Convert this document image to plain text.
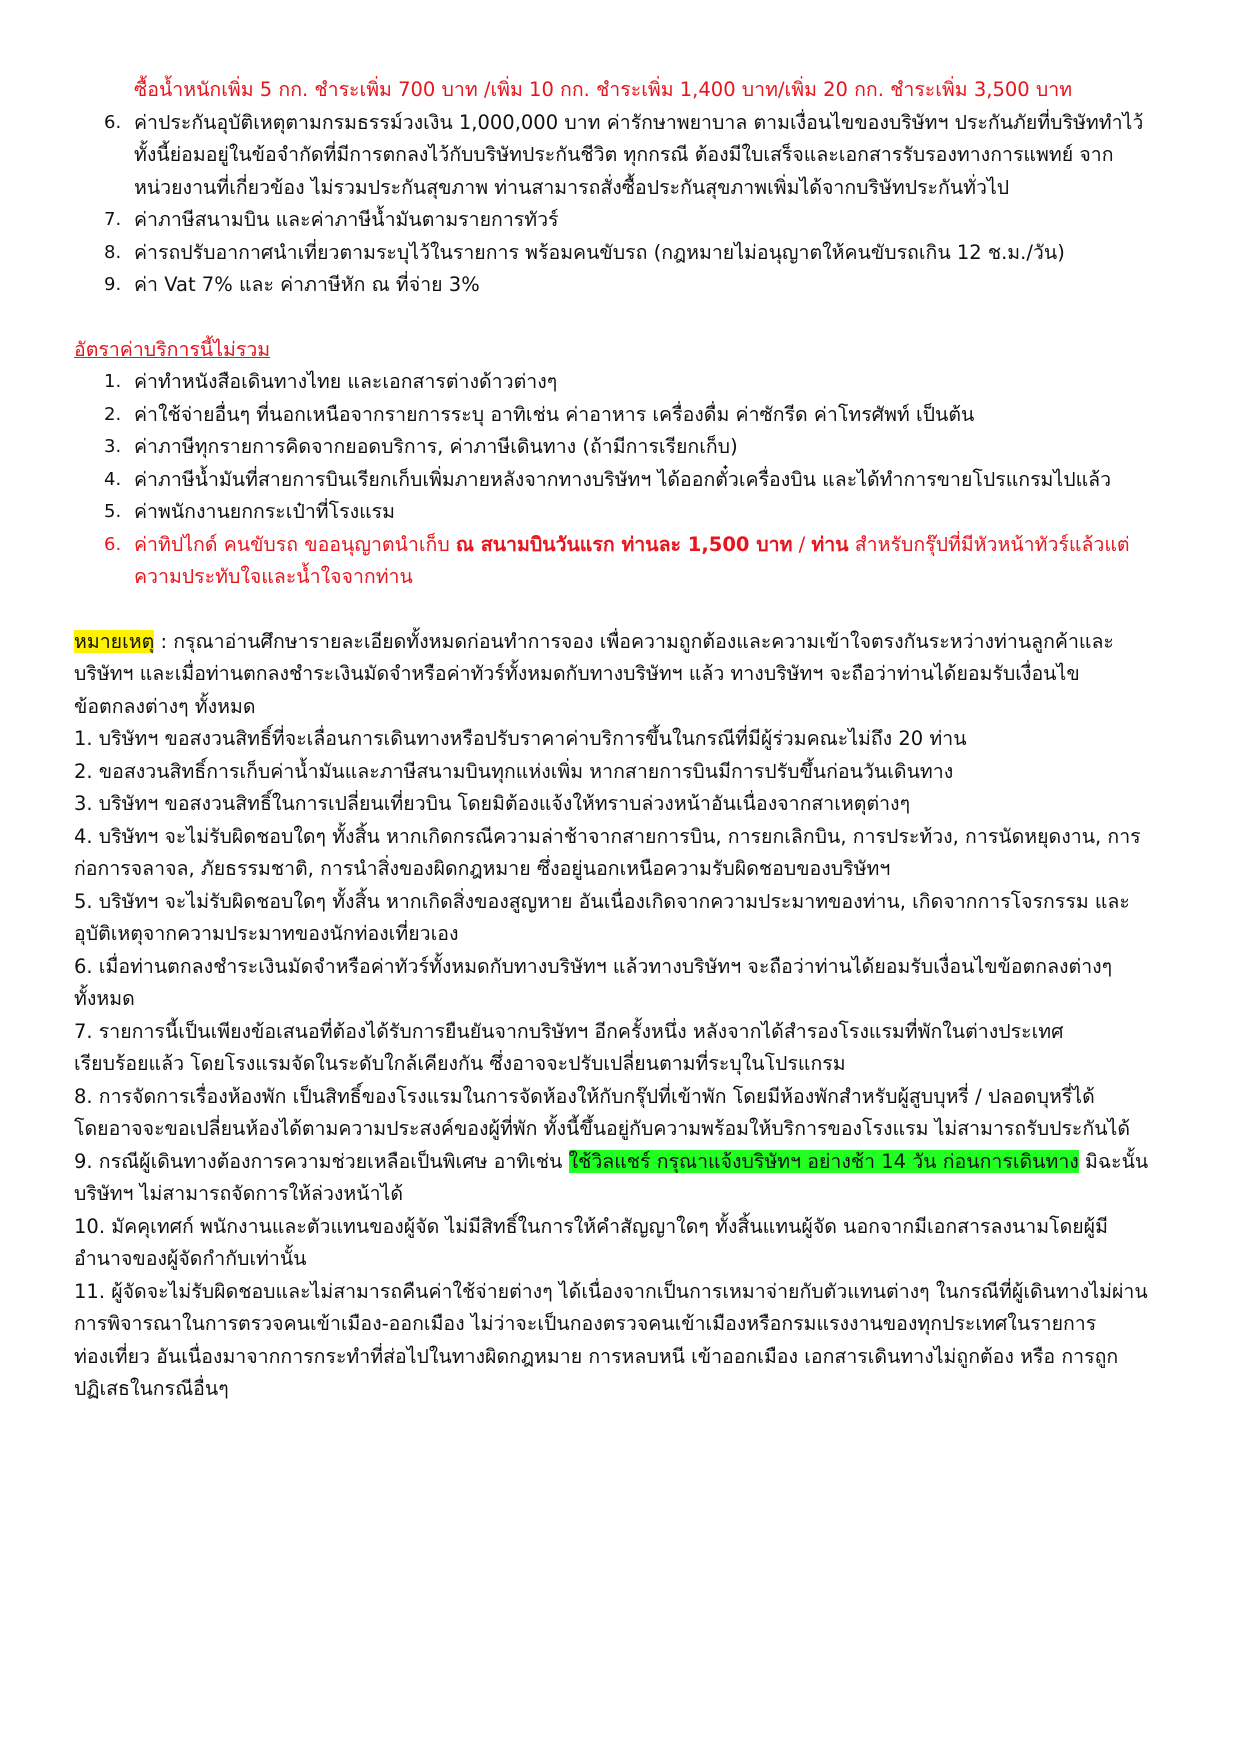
ซื้อน้ำหนักเพิ่ม 5 กก. ชำระเพิ่ม 700 บาท /เพิ่ม 10 กก. ชำระเพิ่ม 1,400 บาท/เพิ่ม 20 กก. ชำระเพิ่ม 3,500 บาท
6. ค่าประกันอุบัติเหตุตามกรมธรรม์วงเงิน 1,000,000 บาท ค่ารักษาพยาบาล ตามเงื่อนไขของบริษัทฯ ประกันภัยที่บริษัททำไว้
ทั้งนี้ย่อมอยู่ในข้อจำกัดที่มีการตกลงไว้กับบริษัทประกันชีวิต ทุกกรณี ต้องมีใบเสร็จและเอกสารรับรองทางการแพทย์ จาก
หน่วยงานที่เกี่ยวข้อง ไม่รวมประกันสุขภาพ ท่านสามารถสั่งซื้อประกันสุขภาพเพิ่มได้จากบริษัทประกันทั่วไป
7. ค่าภาษีสนามบิน และค่าภาษีน้ำมันตามรายการทัวร์
8. ค่ารถปรับอากาศนำเที่ยวตามระบุไว้ในรายการ พร้อมคนขับรถ (กฎหมายไม่อนุญาตให้คนขับรถเกิน 12 ช.ม./วัน)
9. ค่า Vat 7% และ ค่าภาษีหัก ณ ที่จ่าย 3%
อัตราค่าบริการนี้ไม่รวม
1. ค่าทำหนังสือเดินทางไทย และเอกสารต่างด้าวต่างๆ
2. ค่าใช้จ่ายอื่นๆ ที่นอกเหนือจากรายการระบุ อาทิเช่น ค่าอาหาร เครื่องดื่ม ค่าซักรีด ค่าโทรศัพท์ เป็นต้น
3. ค่าภาษีทุกรายการคิดจากยอดบริการ, ค่าภาษีเดินทาง (ถ้ามีการเรียกเก็บ)
4. ค่าภาษีน้ำมันที่สายการบินเรียกเก็บเพิ่มภายหลังจากทางบริษัทฯ ได้ออกตั๋วเครื่องบิน และได้ทำการขายโปรแกรมไปแล้ว
5. ค่าพนักงานยกกระเป๋าที่โรงแรม
6. ค่าทิปไกด์ คนขับรถ ขออนุญาตนำเก็บ ณ สนามบินวันแรก ท่านละ 1,500 บาท / ท่าน สำหรับกรุ๊ปที่มีหัวหน้าทัวร์แล้วแต่
ความประทับใจและน้ำใจจากท่าน
หมายเหตุ : กรุณาอ่านศึกษารายละเอียดทั้งหมดก่อนทำการจอง เพื่อความถูกต้องและความเข้าใจตรงกันระหว่างท่านลูกค้าและ
บริษัทฯ และเมื่อท่านตกลงชำระเงินมัดจำหรือค่าทัวร์ทั้งหมดกับทางบริษัทฯ แล้ว ทางบริษัทฯ จะถือว่าท่านได้ยอมรับเงื่อนไข
ข้อตกลงต่างๆ ทั้งหมด
1. บริษัทฯ ขอสงวนสิทธิ์ที่จะเลื่อนการเดินทางหรือปรับราคาค่าบริการขึ้นในกรณีที่มีผู้ร่วมคณะไม่ถึง 20 ท่าน
2. ขอสงวนสิทธิ์การเก็บค่าน้ำมันและภาษีสนามบินทุกแห่งเพิ่ม หากสายการบินมีการปรับขึ้นก่อนวันเดินทาง
3. บริษัทฯ ขอสงวนสิทธิ์ในการเปลี่ยนเที่ยวบิน โดยมิต้องแจ้งให้ทราบล่วงหน้าอันเนื่องจากสาเหตุต่างๆ
4. บริษัทฯ จะไม่รับผิดชอบใดๆ ทั้งสิ้น หากเกิดกรณีความล่าช้าจากสายการบิน, การยกเลิกบิน, การประท้วง, การนัดหยุดงาน, การ
ก่อการจลาจล, ภัยธรรมชาติ, การนำสิ่งของผิดกฎหมาย ซึ่งอยู่นอกเหนือความรับผิดชอบของบริษัทฯ
5. บริษัทฯ จะไม่รับผิดชอบใดๆ ทั้งสิ้น หากเกิดสิ่งของสูญหาย อันเนื่องเกิดจากความประมาทของท่าน, เกิดจากการโจรกรรม และ
อุบัติเหตุจากความประมาทของนักท่องเที่ยวเอง
6. เมื่อท่านตกลงชำระเงินมัดจำหรือค่าทัวร์ทั้งหมดกับทางบริษัทฯ แล้วทางบริษัทฯ จะถือว่าท่านได้ยอมรับเงื่อนไขข้อตกลงต่างๆ
ทั้งหมด
7. รายการนี้เป็นเพียงข้อเสนอที่ต้องได้รับการยืนยันจากบริษัทฯ อีกครั้งหนึ่ง หลังจากได้สำรองโรงแรมที่พักในต่างประเทศ
เรียบร้อยแล้ว โดยโรงแรมจัดในระดับใกล้เคียงกัน ซึ่งอาจจะปรับเปลี่ยนตามที่ระบุในโปรแกรม
8. การจัดการเรื่องห้องพัก เป็นสิทธิ์ของโรงแรมในการจัดห้องให้กับกรุ๊ปที่เข้าพัก โดยมีห้องพักสำหรับผู้สูบบุหรี่ / ปลอดบุหรี่ได้
โดยอาจจะขอเปลี่ยนห้องได้ตามความประสงค์ของผู้ที่พัก ทั้งนี้ขึ้นอยู่กับความพร้อมให้บริการของโรงแรม ไม่สามารถรับประกันได้
9. กรณีผู้เดินทางต้องการความช่วยเหลือเป็นพิเศษ อาทิเช่น ใช้วิลแชร์ กรุณาแจ้งบริษัทฯ อย่างช้า 14 วัน ก่อนการเดินทาง มิฉะนั้น
บริษัทฯ ไม่สามารถจัดการให้ล่วงหน้าได้
10. มัคคุเทศก์ พนักงานและตัวแทนของผู้จัด ไม่มีสิทธิ์ในการให้คำสัญญาใดๆ ทั้งสิ้นแทนผู้จัด นอกจากมีเอกสารลงนามโดยผู้มี
อำนาจของผู้จัดกำกับเท่านั้น
11. ผู้จัดจะไม่รับผิดชอบและไม่สามารถคืนค่าใช้จ่ายต่างๆ ได้เนื่องจากเป็นการเหมาจ่ายกับตัวแทนต่างๆ ในกรณีที่ผู้เดินทางไม่ผ่าน
การพิจารณาในการตรวจคนเข้าเมือง-ออกเมือง ไม่ว่าจะเป็นกองตรวจคนเข้าเมืองหรือกรมแรงงานของทุกประเทศในรายการ
ท่องเที่ยว อันเนื่องมาจากการกระทำที่ส่อไปในทางผิดกฎหมาย การหลบหนี เข้าออกเมือง เอกสารเดินทางไม่ถูกต้อง หรือ การถูก
ปฏิเสธในกรณีอื่นๆ
